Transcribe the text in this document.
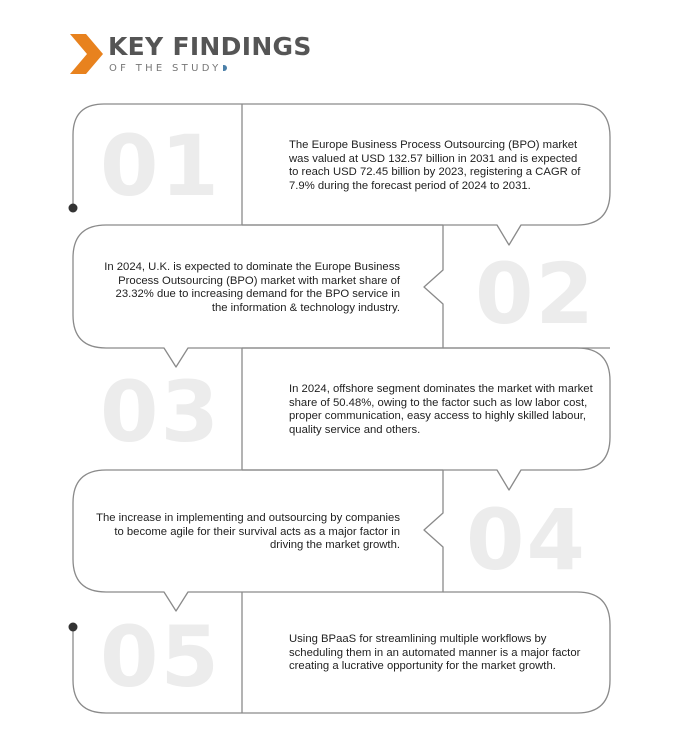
KEY FINDINGS
OF THE STUDY
01	The Europe Business Process Outsourcing (BPO) market was valued at USD 132.57 billion in 2031 and is expected to reach USD 72.45 billion by 2023, registering a CAGR of 7.9% during the forecast period of 2024 to 2031.
02
In 2024, U.K. is expected to dominate the Europe Business Process Outsourcing (BPO) market with market share of 23.32% due to increasing demand for the BPO service in the information & technology industry.
03	In 2024, offshore segment dominates the market with market share of 50.48%, owing to the factor such as low labor cost, proper communication, easy access to highly skilled labour, quality service and others.
04
The increase in implementing and outsourcing by companies to become agile for their survival acts as a major factor in driving the market growth.
05	Using BPaaS for streamlining multiple workflows by scheduling them in an automated manner is a major factor creating a lucrative opportunity for the market growth.
